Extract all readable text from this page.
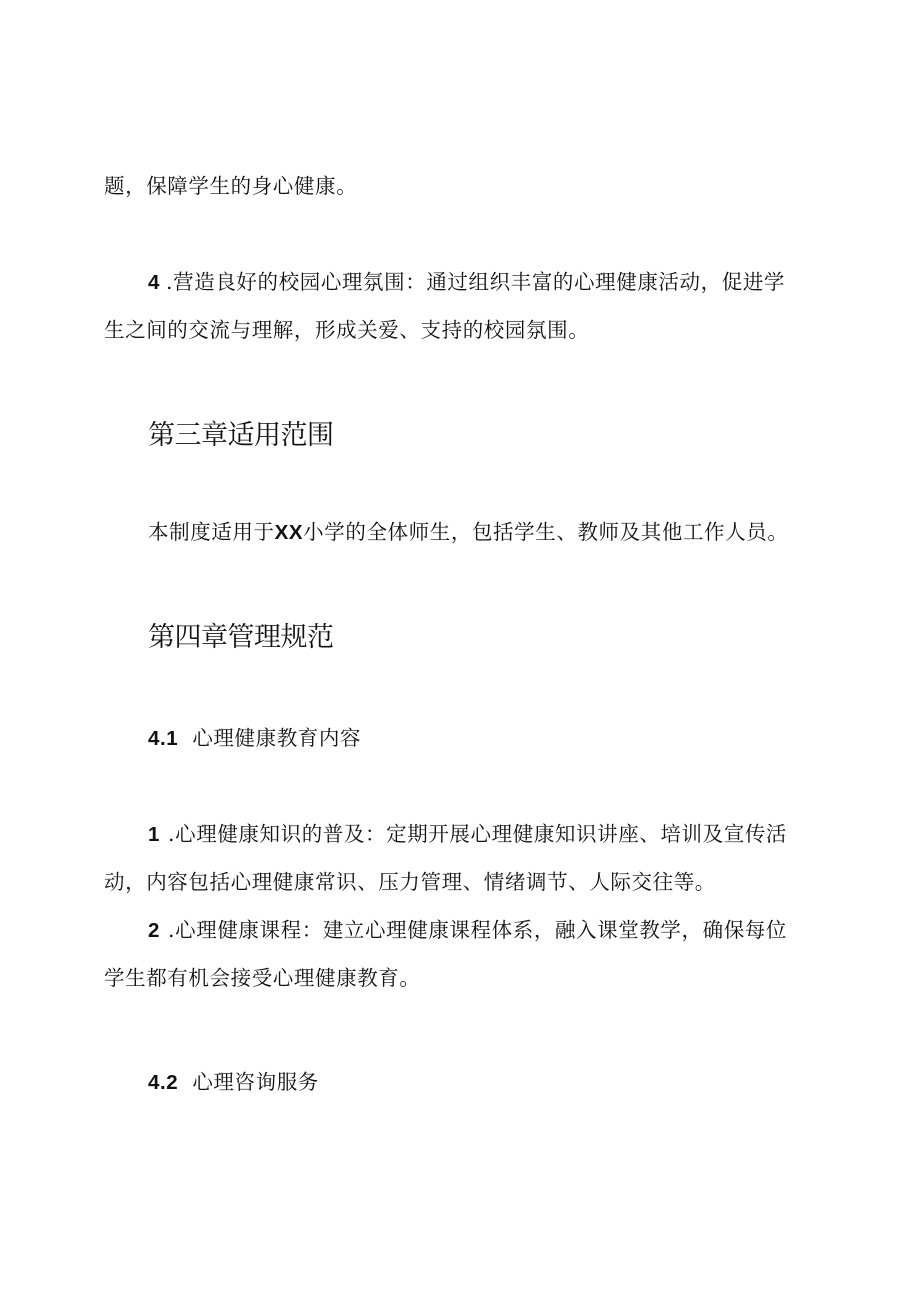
题，保障学生的身心健康。
4 .营造良好的校园心理氛围：通过组织丰富的心理健康活动，促进学
生之间的交流与理解，形成关爱、支持的校园氛围。
第三章适用范围
本制度适用于XX小学的全体师生，包括学生、教师及其他工作人员。
第四章管理规范
4.1 心理健康教育内容
1 .心理健康知识的普及：定期开展心理健康知识讲座、培训及宣传活
动，内容包括心理健康常识、压力管理、情绪调节、人际交往等。
2 .心理健康课程：建立心理健康课程体系，融入课堂教学，确保每位
学生都有机会接受心理健康教育。
4.2 心理咨询服务
